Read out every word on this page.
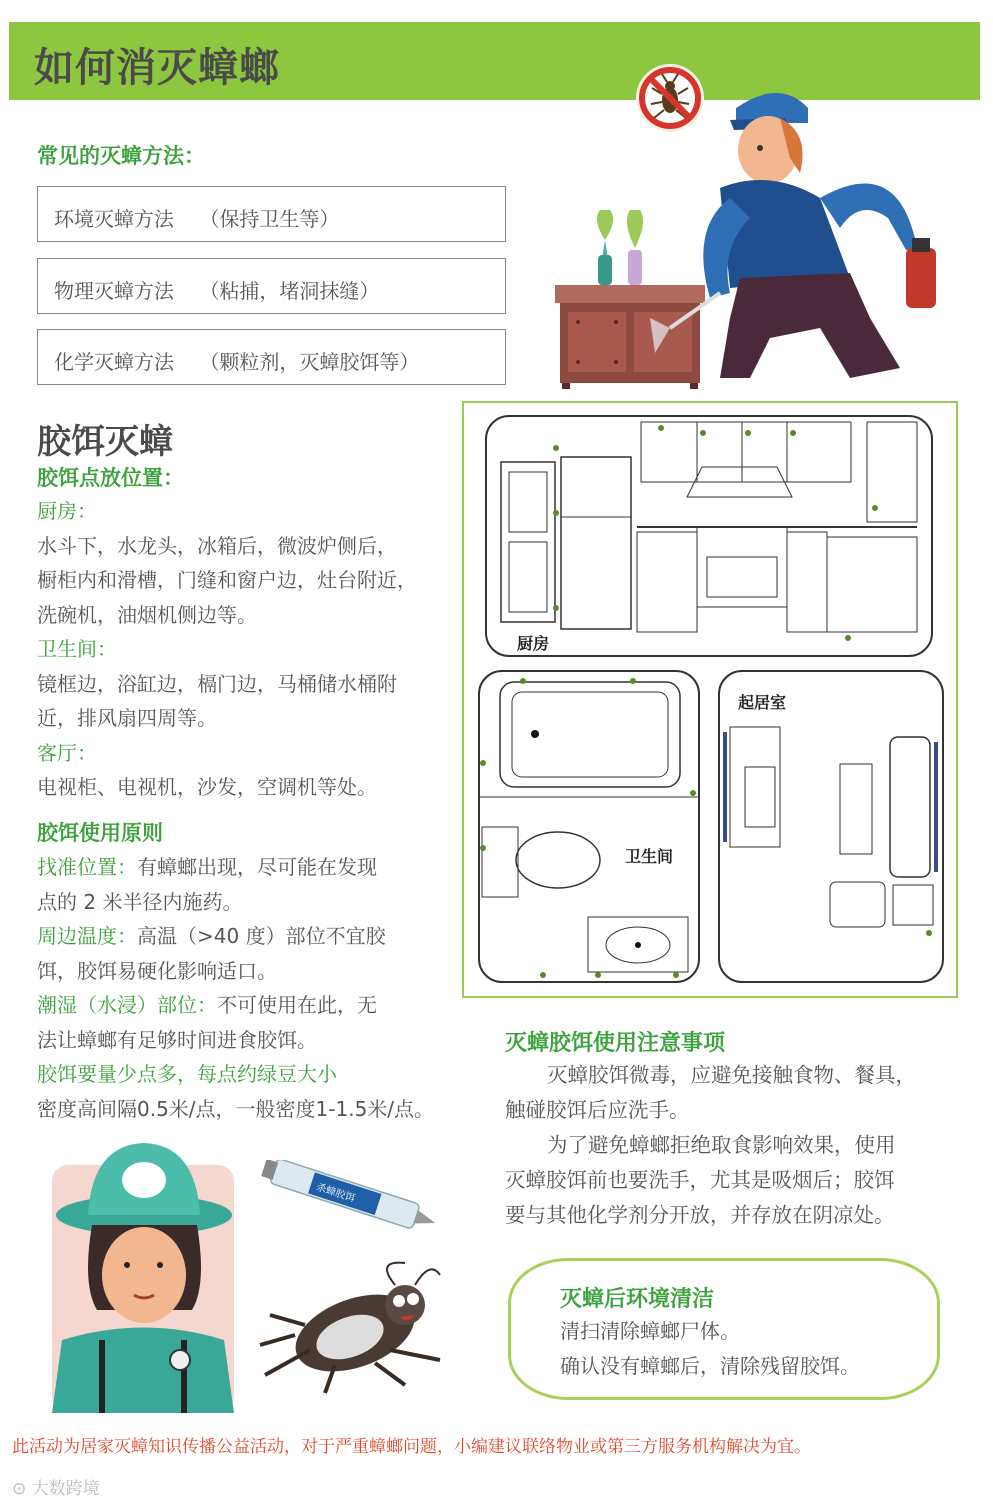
如何消灭蟑螂
常见的灭蟑方法：
环境灭蟑方法 （保持卫生等）
物理灭蟑方法 （粘捕，堵洞抹缝）
化学灭蟑方法 （颗粒剂，灭蟑胶饵等）
胶饵灭蟑
胶饵点放位置：
厨房：
水斗下，水龙头，冰箱后，微波炉侧后，
橱柜内和滑槽，门缝和窗户边，灶台附近，
洗碗机，油烟机侧边等。
卫生间：
镜框边，浴缸边，槅门边，马桶储水桶附
近，排风扇四周等。
客厅：
电视柜、电视机，沙发，空调机等处。
胶饵使用原则
找准位置：有蟑螂出现，尽可能在发现
点的 2 米半径内施药。
周边温度：高温（>40 度）部位不宜胶
饵，胶饵易硬化影响适口。
潮湿（水浸）部位：不可使用在此，无
法让蟑螂有足够时间进食胶饵。
胶饵要量少点多，每点约绿豆大小
密度高间隔0.5米/点，一般密度1-1.5米/点。
厨房
卫生间
起居室
灭蟑胶饵使用注意事项
灭蟑胶饵微毒，应避免接触食物、餐具，
触碰胶饵后应洗手。
为了避免蟑螂拒绝取食影响效果，使用
灭蟑胶饵前也要洗手，尤其是吸烟后；胶饵
要与其他化学剂分开放，并存放在阴凉处。
灭蟑后环境清洁
清扫清除蟑螂尸体。
确认没有蟑螂后，清除残留胶饵。
杀蟑胶饵
此活动为居家灭蟑知识传播公益活动，对于严重蟑螂问题，小编建议联络物业或第三方服务机构解决为宜。
⊙ 大数跨境
